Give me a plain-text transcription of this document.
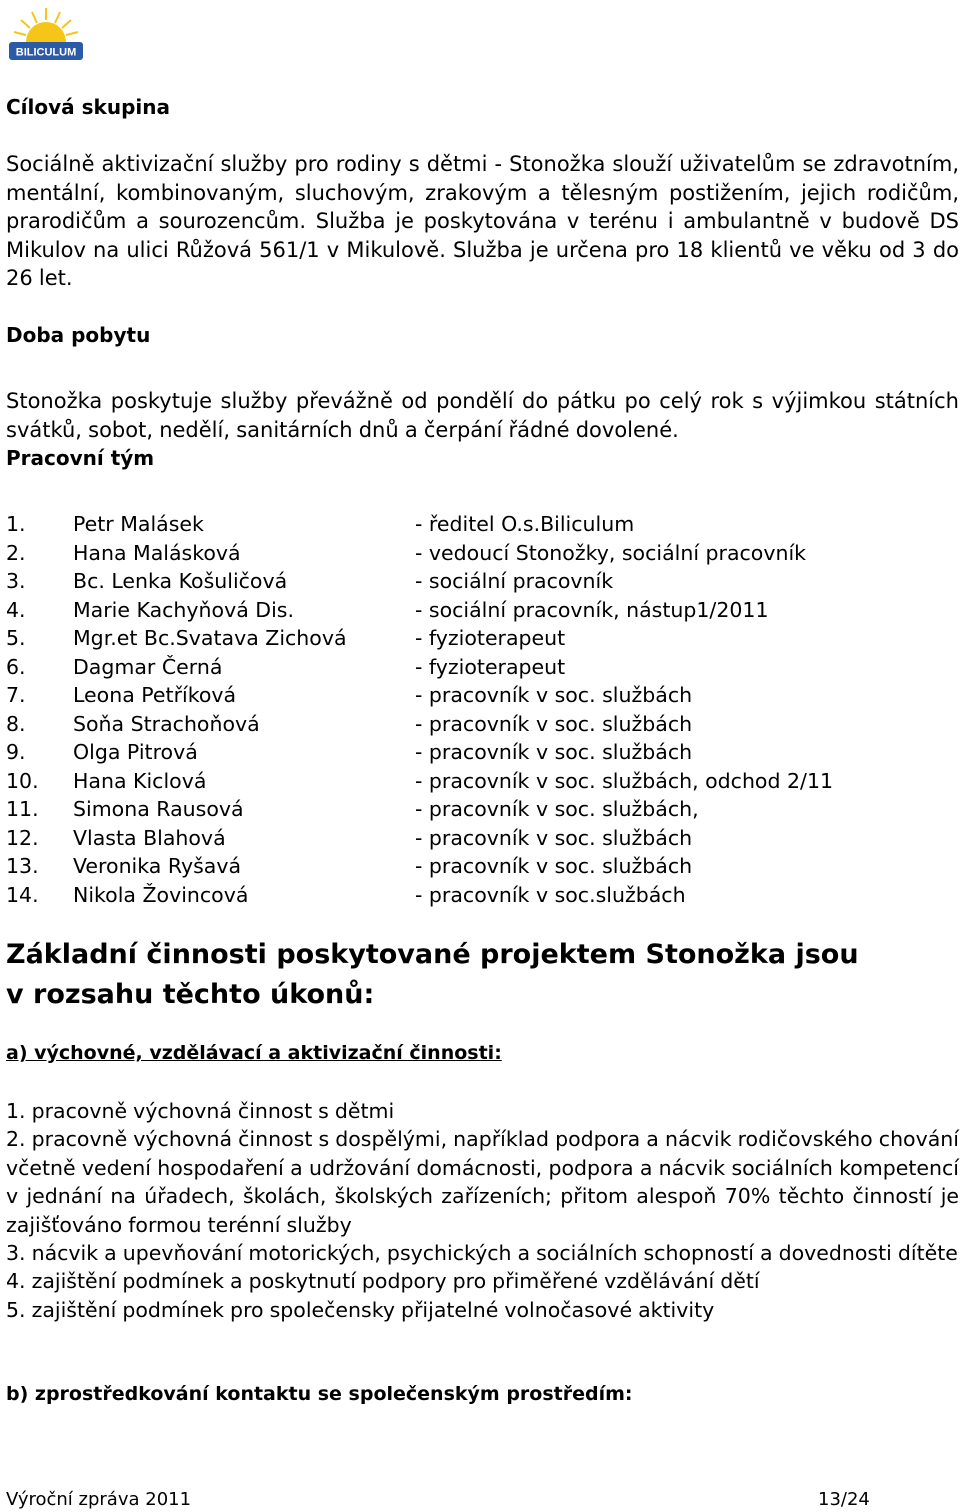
BILICULUM
Cílová skupina
Sociálně aktivizační služby pro rodiny s dětmi - Stonožka slouží uživatelům se zdravotním, mentální, kombinovaným, sluchovým, zrakovým a tělesným postižením, jejich rodičům, prarodičům a sourozencům. Služba je poskytována v terénu i ambulantně v budově DS Mikulov na ulici Růžová 561/1 v Mikulově. Služba je určena pro 18 klientů ve věku od 3 do 26 let.
Doba pobytu
Stonožka poskytuje služby převážně od pondělí do pátku po celý rok s výjimkou státních svátků, sobot, nedělí, sanitárních dnů a čerpání řádné dovolené.
Pracovní tým
1. Petr Malásek	- ředitel O.s.Biliculum
2. Hana Malásková	- vedoucí Stonožky, sociální pracovník
3. Bc. Lenka Košuličová	- sociální pracovník
4. Marie Kachyňová Dis.	- sociální pracovník, nástup1/2011
5. Mgr.et Bc.Svatava Zichová	- fyzioterapeut
6. Dagmar Černá	- fyzioterapeut
7. Leona Petříková	- pracovník v soc. službách
8. Soňa Strachoňová	- pracovník v soc. službách
9. Olga Pitrová	- pracovník v soc. službách
10. Hana Kiclová	- pracovník v soc. službách, odchod 2/11
11. Simona Rausová	- pracovník v soc. službách,
12. Vlasta Blahová	- pracovník v soc. službách
13. Veronika Ryšavá	- pracovník v soc. službách
14. Nikola Žovincová	- pracovník v soc.službách
Základní činnosti poskytované projektem Stonožka jsou
v rozsahu těchto úkonů:
a) výchovné, vzdělávací a aktivizační činnosti:
1. pracovně výchovná činnost s dětmi
2. pracovně výchovná činnost s dospělými, například podpora a nácvik rodičovského chování včetně vedení hospodaření a udržování domácnosti, podpora a nácvik sociálních kompetencí v jednání na úřadech, školách, školských zařízeních; přitom alespoň 70% těchto činností je zajišťováno formou terénní služby
3. nácvik a upevňování motorických, psychických a sociálních schopností a dovednosti dítěte
4. zajištění podmínek a poskytnutí podpory pro přiměřené vzdělávání dětí
5. zajištění podmínek pro společensky přijatelné volnočasové aktivity
b) zprostředkování kontaktu se společenským prostředím:
Výroční zpráva 2011	13/24
